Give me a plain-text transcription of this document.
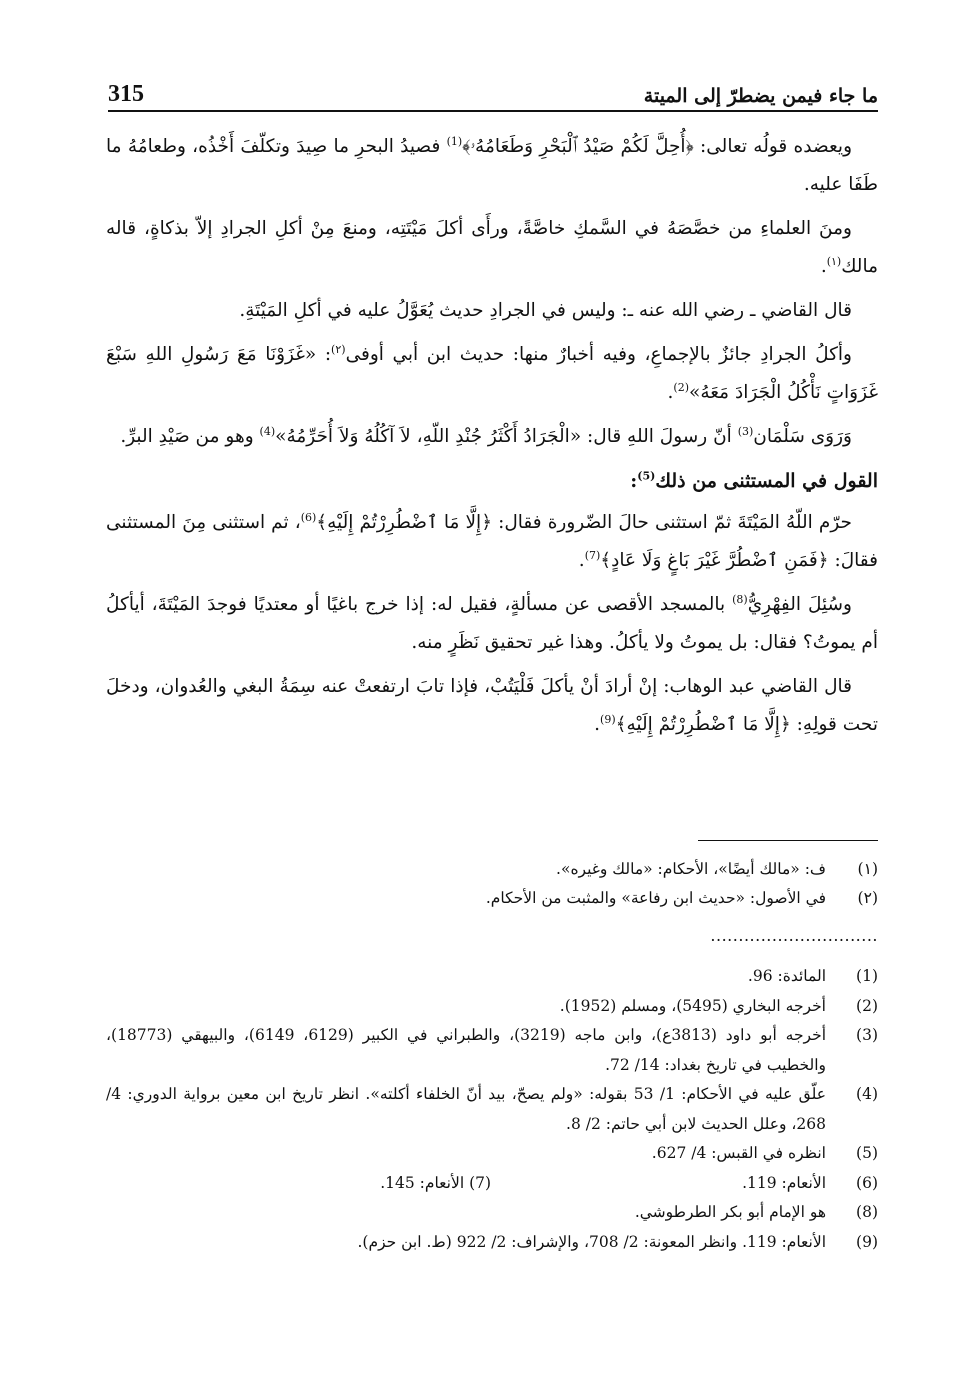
315	ما جاء فيمن يضطرّ إلى الميتة

ويعضده قولُه تعالى: ﴿أُحِلَّ لَكُمْ صَيْدُ ٱلْبَحْرِ وَطَعَامُهُۥ﴾$^{(1)}$ فصيدُ البحرِ ما صِيدَ وتكلّفَ أَخْذُه، وطعامُهُ ما طَفَا عليه.

ومنَ العلماءِ من خصَّصَهُ في السَّمكِ خاصَّةً، ورأَى أكلَ مَيْتَتِه، ومنعَ مِنْ أكلِ الجرادِ إلاّ بذكاةٍ، قاله مالك$^{(١)}$.

قال القاضي ـ رضي الله عنه ـ: وليس في الجرادِ حديث يُعَوَّلُ عليه في أكلِ المَيْتَةِ.

وأكلُ الجرادِ جائزٌ بالإجماعِ، وفيه أخبارٌ منها: حديث ابن أبي أوفى$^{(٢)}$: «غَزَوْنَا مَعَ رَسُولِ اللهِ سَبْعَ غَزَوَاتٍ نَأْكُلُ الْجَرَادَ مَعَهُ»$^{(2)}$.

وَرَوَى سَلْمَان$^{(3)}$ أنّ رسولَ اللهِ قال: «الْجَرَادُ أَكْثَرُ جُنْدِ اللّهِ، لاَ آكُلُهُ وَلاَ أُحَرِّمُهُ»$^{(4)}$ وهو من صَيْدِ البرِّ.

القول في المستثنى من ذلك$^{(5)}$:

حرّم اللّهُ المَيْتَةَ ثمّ استثنى حالَ الضّرورة فقال: ﴿إِلَّا مَا ٱضْطُرِرْتُمْ إِلَيْهِ﴾$^{(6)}$، ثم استثنى مِنَ المستثنى فقالَ: ﴿فَمَنِ ٱضْطُرَّ غَيْرَ بَاغٍ وَلَا عَادٍ﴾$^{(7)}$.

وسُئِلَ الفِهْرِيُّ$^{(8)}$ بالمسجد الأقصى عن مسألةٍ، فقيل له: إذا خرج باغيًا أو معتديًا فوجدَ المَيْتَةَ، أيأكلُ أم يموتُ؟ فقال: بل يموتُ ولا يأكلُ. وهذا غير تحقيق نَظَرٍ منه.

قال القاضي عبد الوهاب: إنْ أرادَ أنْ يأكلَ فَلْيَتُبْ، فإذا تابَ ارتفعتْ عنه سِمَةُ البغي والعُدوان، ودخلَ تحت قولِهِ: ﴿إِلَّا مَا ٱضْطُرِرْتُمْ إِلَيْهِ﴾$^{(9)}$.

(١)
ف: «مالك أيضًا»، الأحكام: «مالك وغيره».
(٢)
في الأصول: «حديث ابن رفاعة» والمثبت من الأحكام.
..............................
(1)
المائدة: 96.
(2)
أخرجه البخاري (5495)، ومسلم (1952).
(3)
أخرجه أبو داود (3813ع)، وابن ماجه (3219)، والطبراني في الكبير (6129، 6149)، والبيهقي (18773)، والخطيب في تاريخ بغداد: 14/ 72.
(4)
علّق عليه في الأحكام: 1/ 53 بقوله: «ولم يصحّ، بيد أنّ الخلفاء أكلته». انظر تاريخ ابن معين برواية الدوري: 4/ 268، وعلل الحديث لابن أبي حاتم: 2/ 8.
(5)
انظره في القبس: 4/ 627.
(6)
الأنعام: 119. (7) الأنعام: 145.
(8)
هو الإمام أبو بكر الطرطوشي.
(9)
الأنعام: 119. وانظر المعونة: 2/ 708، والإشراف: 2/ 922 (ط. ابن حزم).
